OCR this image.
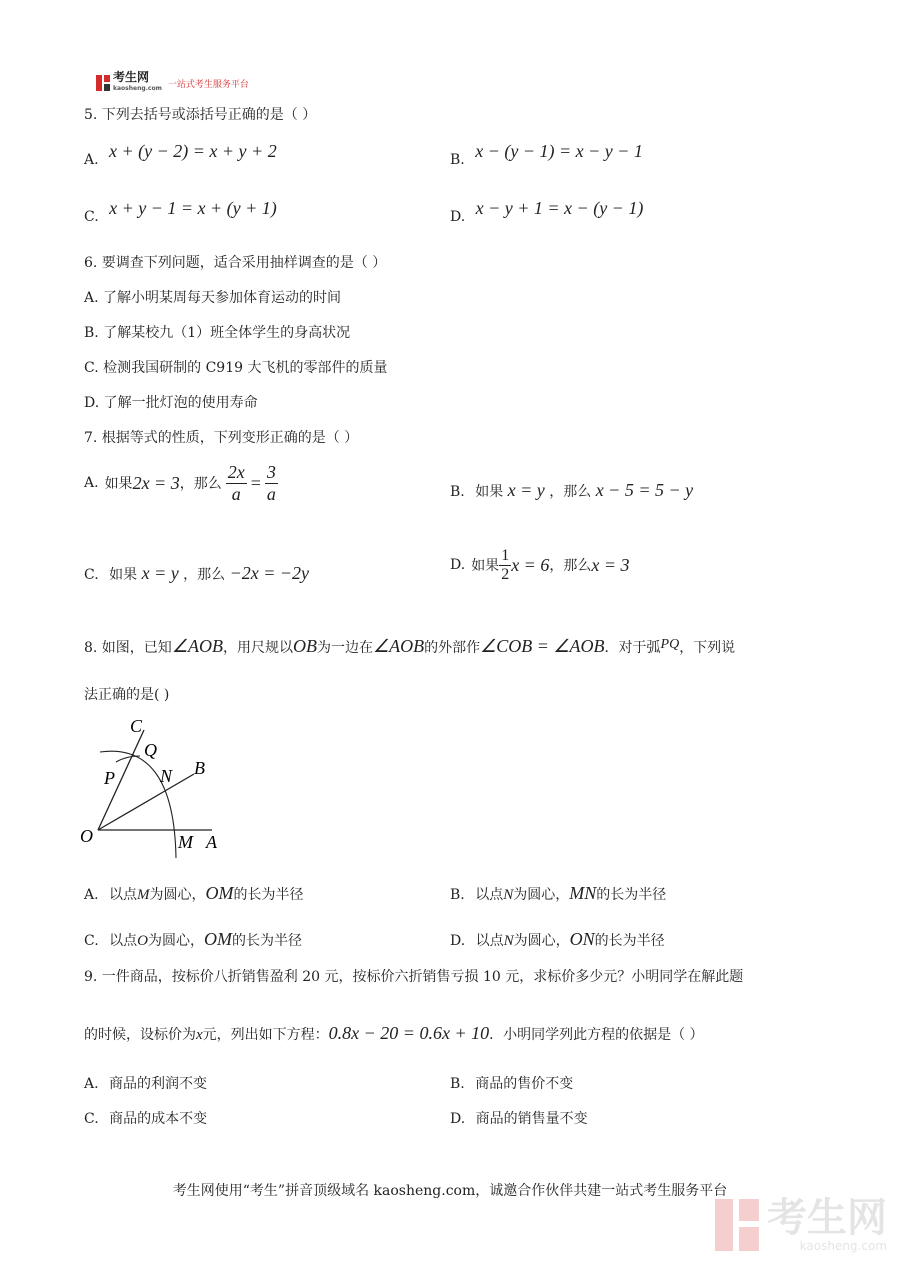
考生网
kaosheng.com 一站式考生服务平台
5. 下列去括号或添括号正确的是（ ）
A. x + (y − 2) = x + y + 2	B. x − (y − 1) = x − y − 1
C. x + y − 1 = x + (y + 1)	D. x − y + 1 = x − (y − 1)
6. 要调查下列问题，适合采用抽样调查的是（ ）
A. 了解小明某周每天参加体育运动的时间
B. 了解某校九（1）班全体学生的身高状况
C. 检测我国研制的 C919 大飞机的零部件的质量
D. 了解一批灯泡的使用寿命
7. 根据等式的性质，下列变形正确的是（ ）
A. 如果 2x = 3 ，那么 $\frac{2x}{a} = \frac{3}{a}$	B. 如果 x = y ，那么 x − 5 = 5 − y
C. 如果 x = y ，那么 −2x = −2y	D. 如果 $\frac{1}{2}$ x = 6 ，那么 x = 3
8. 如图，已知∠AOB，用尺规以OB为一边在∠AOB的外部作∠COB = ∠AOB．对于弧PQ，下列说
法正确的是( )
C
Q
B
P	N
O	M A
A. 以点M为圆心，OM的长为半径	B. 以点N为圆心，MN的长为半径
C. 以点O为圆心，OM的长为半径	D. 以点N为圆心，ON的长为半径
9. 一件商品，按标价八折销售盈利 20 元，按标价六折销售亏损 10 元，求标价多少元？小明同学在解此题
的时候，设标价为x元，列出如下方程：0.8x − 20 = 0.6x + 10．小明同学列此方程的依据是（ ）
A. 商品的利润不变	B. 商品的售价不变
C. 商品的成本不变	D. 商品的销售量不变
考生网使用“考生”拼音顶级域名 kaosheng.com，诚邀合作伙伴共建一站式考生服务平台
考生网
kaosheng.com
